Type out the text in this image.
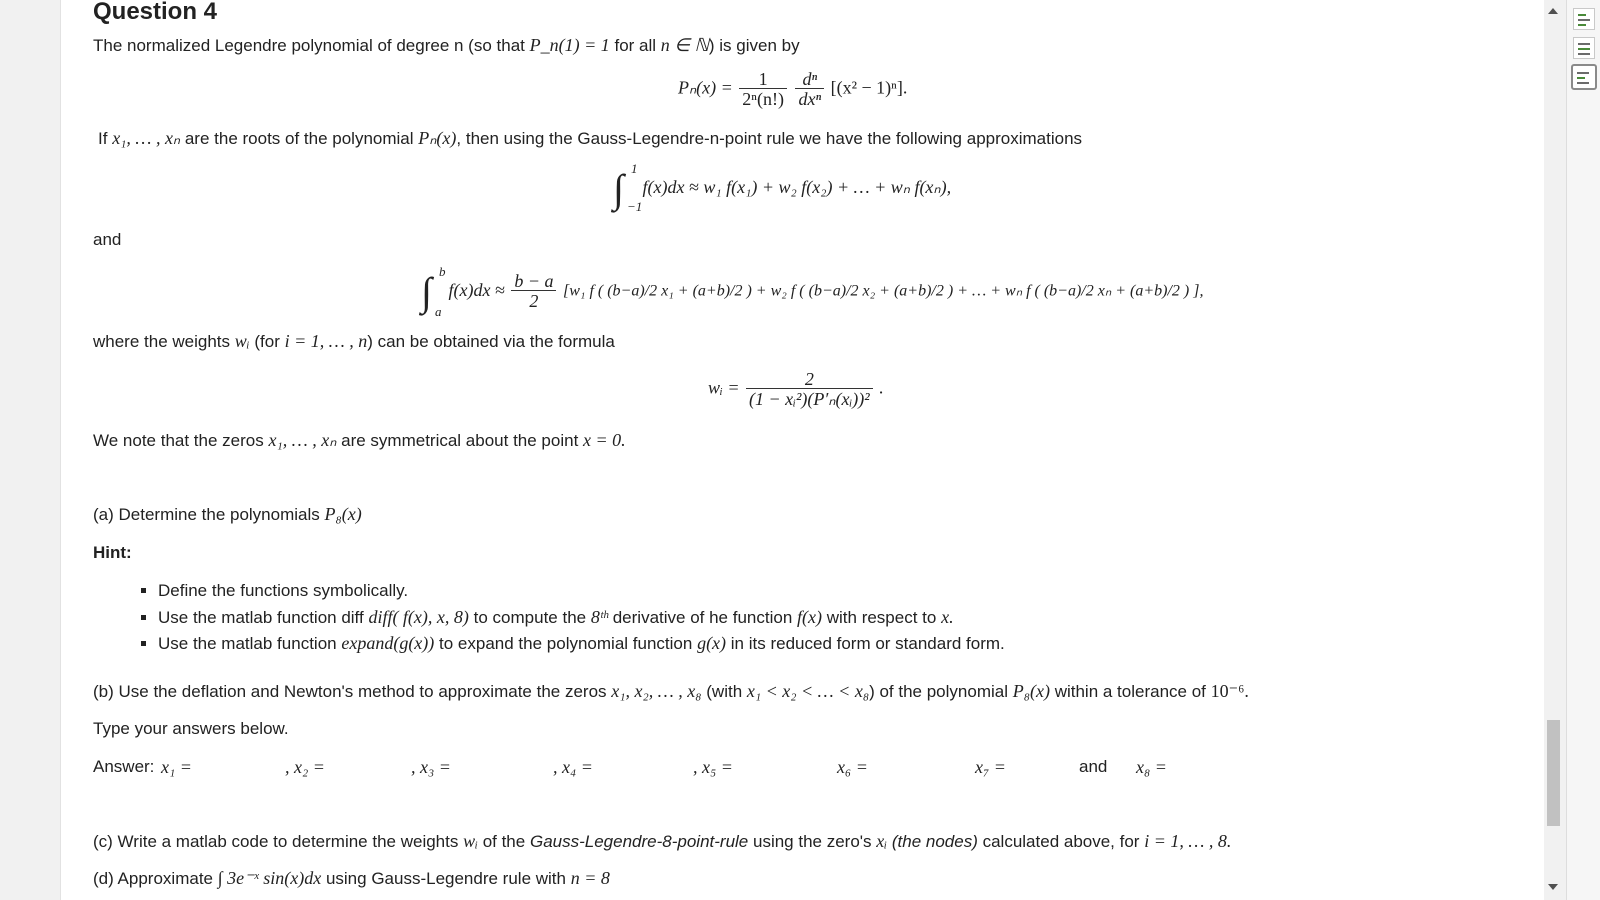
Question 4
The normalized Legendre polynomial of degree n (so that P_n(1) = 1 for all n ∈ ℕ) is given by
$P_n(x) = \frac{1}{\text{2ⁿ(n!)}}$
$\frac{\text{dⁿ}}{\text{dxⁿ}} [(x^2 - 1)^n]$.
If x₁, … , xₙ are the roots of the polynomial Pₙ(x), then using the Gauss-Legendre-n-point rule we have the following approximations
∫ 1
−1
f(x)dx ≈ w₁ f(x₁) + w₂ f(x₂) + … + wₙ f(xₙ),
and
∫ b
a
$f(x)dx \approx \frac{b - a}{2} [w_1$ f ( (b−a)/2 x₁ + (a+b)/2 ) + w₂ f ( (b−a)/2 x₂ + (a+b)/2 ) + … + wₙ f ( (b−a)/2 xₙ + (a+b)/2 ) ],
where the weights wᵢ (for i = 1, … , n) can be obtained via the formula
wᵢ = $\frac{2}{\text{(1 − xᵢ²)(P′ₙ(xᵢ))²}}$ .
We note that the zeros x₁, … , xₙ are symmetrical about the point x = 0.
(a) Determine the polynomials P₈(x)
Hint:
▪ Define the functions symbolically.
▪ Use the matlab function diff diff( f(x), x, 8) to compute the 8ᵗʰ derivative of he function f(x) with respect to x.
▪ Use the matlab function expand(g(x)) to expand the polynomial function g(x) in its reduced form or standard form.
(b) Use the deflation and Newton's method to approximate the zeros x₁, x₂, … , x₈ (with x₁ < x₂ < … < x₈) of the polynomial P₈(x) within a tolerance of 10⁻⁶.
Type your answers below.
Answer: x₁ =	, x₂ =	, x₃ =	, x₄ =	, x₅ =	x₆ =	x₇ =	and x₈ =
(c) Write a matlab code to determine the weights wᵢ of the Gauss-Legendre-8-point-rule using the zero's xᵢ (the nodes) calculated above, for i = 1, … , 8.
(d) Approximate ∫ 3e⁻ˣ sin(x)dx using Gauss-Legendre rule with n = 8
